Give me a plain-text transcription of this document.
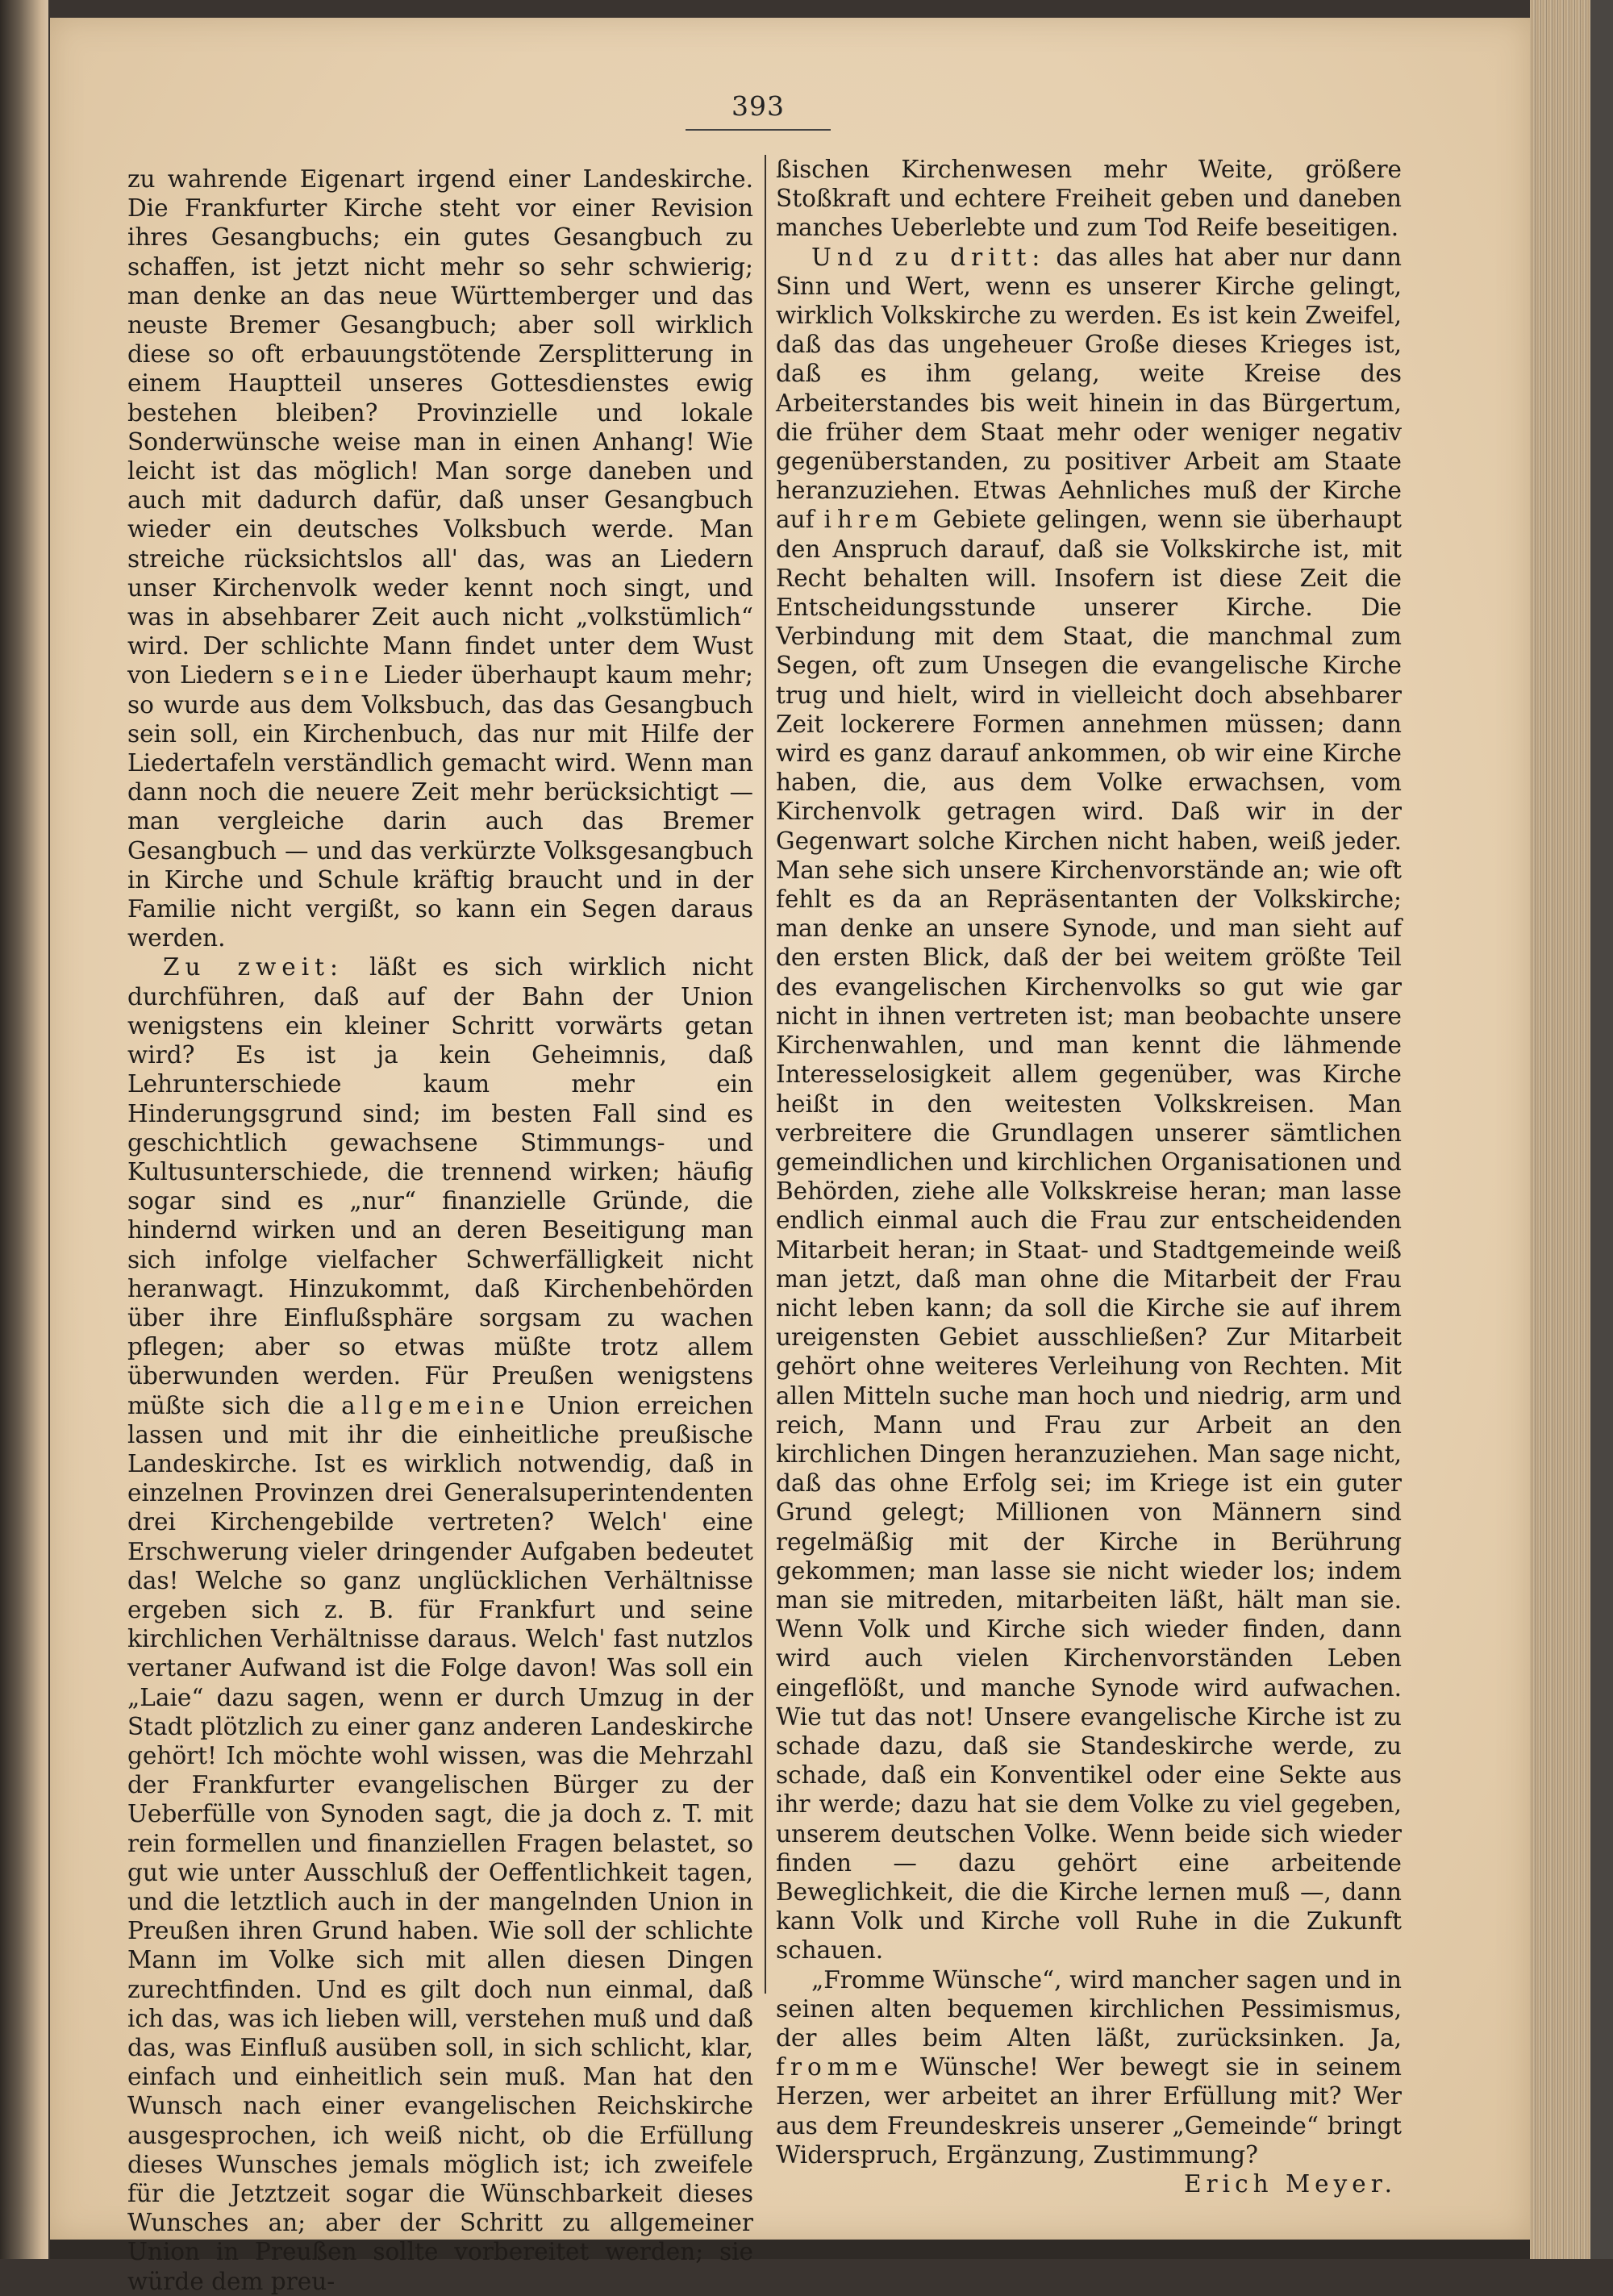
393

zu wahrende Eigenart irgend einer Landeskirche. Die Frankfurter Kirche steht vor einer Revision ihres Gesangbuchs; ein gutes Gesangbuch zu schaffen, ist jetzt nicht mehr so sehr schwierig; man denke an das neue Württemberger und das neuste Bremer Gesangbuch; aber soll wirklich diese so oft erbauungstötende Zersplitterung in einem Hauptteil unseres Gottesdienstes ewig bestehen bleiben? Provinzielle und lokale Sonderwünsche weise man in einen Anhang! Wie leicht ist das möglich! Man sorge daneben und auch mit dadurch dafür, daß unser Gesangbuch wieder ein deutsches Volksbuch werde. Man streiche rücksichtslos all' das, was an Liedern unser Kirchenvolk weder kennt noch singt, und was in absehbarer Zeit auch nicht „volkstümlich“ wird. Der schlichte Mann findet unter dem Wust von Liedern seine Lieder überhaupt kaum mehr; so wurde aus dem Volksbuch, das das Gesangbuch sein soll, ein Kirchenbuch, das nur mit Hilfe der Liedertafeln verständlich gemacht wird. Wenn man dann noch die neuere Zeit mehr berücksichtigt — man vergleiche darin auch das Bremer Gesangbuch — und das verkürzte Volksgesangbuch in Kirche und Schule kräftig braucht und in der Familie nicht vergißt, so kann ein Segen daraus werden.

Zu zweit: läßt es sich wirklich nicht durchführen, daß auf der Bahn der Union wenigstens ein kleiner Schritt vorwärts getan wird? Es ist ja kein Geheimnis, daß Lehrunterschiede kaum mehr ein Hinderungsgrund sind; im besten Fall sind es geschichtlich gewachsene Stimmungs- und Kultusunterschiede, die trennend wirken; häufig sogar sind es „nur“ finanzielle Gründe, die hindernd wirken und an deren Beseitigung man sich infolge vielfacher Schwerfälligkeit nicht heranwagt. Hinzukommt, daß Kirchenbehörden über ihre Einflußsphäre sorgsam zu wachen pflegen; aber so etwas müßte trotz allem überwunden werden. Für Preußen wenigstens müßte sich die allgemeine Union erreichen lassen und mit ihr die einheitliche preußische Landeskirche. Ist es wirklich notwendig, daß in einzelnen Provinzen drei Generalsuperintendenten drei Kirchengebilde vertreten? Welch' eine Erschwerung vieler dringender Aufgaben bedeutet das! Welche so ganz unglücklichen Verhältnisse ergeben sich z. B. für Frankfurt und seine kirchlichen Verhältnisse daraus. Welch' fast nutzlos vertaner Aufwand ist die Folge davon! Was soll ein „Laie“ dazu sagen, wenn er durch Umzug in der Stadt plötzlich zu einer ganz anderen Landeskirche gehört! Ich möchte wohl wissen, was die Mehrzahl der Frankfurter evangelischen Bürger zu der Ueberfülle von Synoden sagt, die ja doch z. T. mit rein formellen und finanziellen Fragen belastet, so gut wie unter Ausschluß der Oeffentlichkeit tagen, und die letztlich auch in der mangelnden Union in Preußen ihren Grund haben. Wie soll der schlichte Mann im Volke sich mit allen diesen Dingen zurechtfinden. Und es gilt doch nun einmal, daß ich das, was ich lieben will, verstehen muß und daß das, was Einfluß ausüben soll, in sich schlicht, klar, einfach und einheitlich sein muß. Man hat den Wunsch nach einer evangelischen Reichskirche ausgesprochen, ich weiß nicht, ob die Erfüllung dieses Wunsches jemals möglich ist; ich zweifele für die Jetztzeit sogar die Wünschbarkeit dieses Wunsches an; aber der Schritt zu allgemeiner Union in Preußen sollte vorbereitet werden; sie würde dem preu-

ßischen Kirchenwesen mehr Weite, größere Stoßkraft und echtere Freiheit geben und daneben manches Ueberlebte und zum Tod Reife beseitigen.

Und zu dritt: das alles hat aber nur dann Sinn und Wert, wenn es unserer Kirche gelingt, wirklich Volkskirche zu werden. Es ist kein Zweifel, daß das das ungeheuer Große dieses Krieges ist, daß es ihm gelang, weite Kreise des Arbeiterstandes bis weit hinein in das Bürgertum, die früher dem Staat mehr oder weniger negativ gegenüberstanden, zu positiver Arbeit am Staate heranzuziehen. Etwas Aehnliches muß der Kirche auf ihrem Gebiete gelingen, wenn sie überhaupt den Anspruch darauf, daß sie Volkskirche ist, mit Recht behalten will. Insofern ist diese Zeit die Entscheidungsstunde unserer Kirche. Die Verbindung mit dem Staat, die manchmal zum Segen, oft zum Unsegen die evangelische Kirche trug und hielt, wird in vielleicht doch absehbarer Zeit lockerere Formen annehmen müssen; dann wird es ganz darauf ankommen, ob wir eine Kirche haben, die, aus dem Volke erwachsen, vom Kirchenvolk getragen wird. Daß wir in der Gegenwart solche Kirchen nicht haben, weiß jeder. Man sehe sich unsere Kirchenvorstände an; wie oft fehlt es da an Repräsentanten der Volkskirche; man denke an unsere Synode, und man sieht auf den ersten Blick, daß der bei weitem größte Teil des evangelischen Kirchenvolks so gut wie gar nicht in ihnen vertreten ist; man beobachte unsere Kirchenwahlen, und man kennt die lähmende Interesselosigkeit allem gegenüber, was Kirche heißt in den weitesten Volkskreisen. Man verbreitere die Grundlagen unserer sämtlichen gemeindlichen und kirchlichen Organisationen und Behörden, ziehe alle Volkskreise heran; man lasse endlich einmal auch die Frau zur entscheidenden Mitarbeit heran; in Staat- und Stadtgemeinde weiß man jetzt, daß man ohne die Mitarbeit der Frau nicht leben kann; da soll die Kirche sie auf ihrem ureigensten Gebiet ausschließen? Zur Mitarbeit gehört ohne weiteres Verleihung von Rechten. Mit allen Mitteln suche man hoch und niedrig, arm und reich, Mann und Frau zur Arbeit an den kirchlichen Dingen heranzuziehen. Man sage nicht, daß das ohne Erfolg sei; im Kriege ist ein guter Grund gelegt; Millionen von Männern sind regelmäßig mit der Kirche in Berührung gekommen; man lasse sie nicht wieder los; indem man sie mitreden, mitarbeiten läßt, hält man sie. Wenn Volk und Kirche sich wieder finden, dann wird auch vielen Kirchenvorständen Leben eingeflößt, und manche Synode wird aufwachen. Wie tut das not! Unsere evangelische Kirche ist zu schade dazu, daß sie Standeskirche werde, zu schade, daß ein Konventikel oder eine Sekte aus ihr werde; dazu hat sie dem Volke zu viel gegeben, unserem deutschen Volke. Wenn beide sich wieder finden — dazu gehört eine arbeitende Beweglichkeit, die die Kirche lernen muß —, dann kann Volk und Kirche voll Ruhe in die Zukunft schauen.

„Fromme Wünsche“, wird mancher sagen und in seinen alten bequemen kirchlichen Pessimismus, der alles beim Alten läßt, zurücksinken. Ja, fromme Wünsche! Wer bewegt sie in seinem Herzen, wer arbeitet an ihrer Erfüllung mit? Wer aus dem Freundeskreis unserer „Gemeinde“ bringt Widerspruch, Ergänzung, Zustimmung?

Erich Meyer.
